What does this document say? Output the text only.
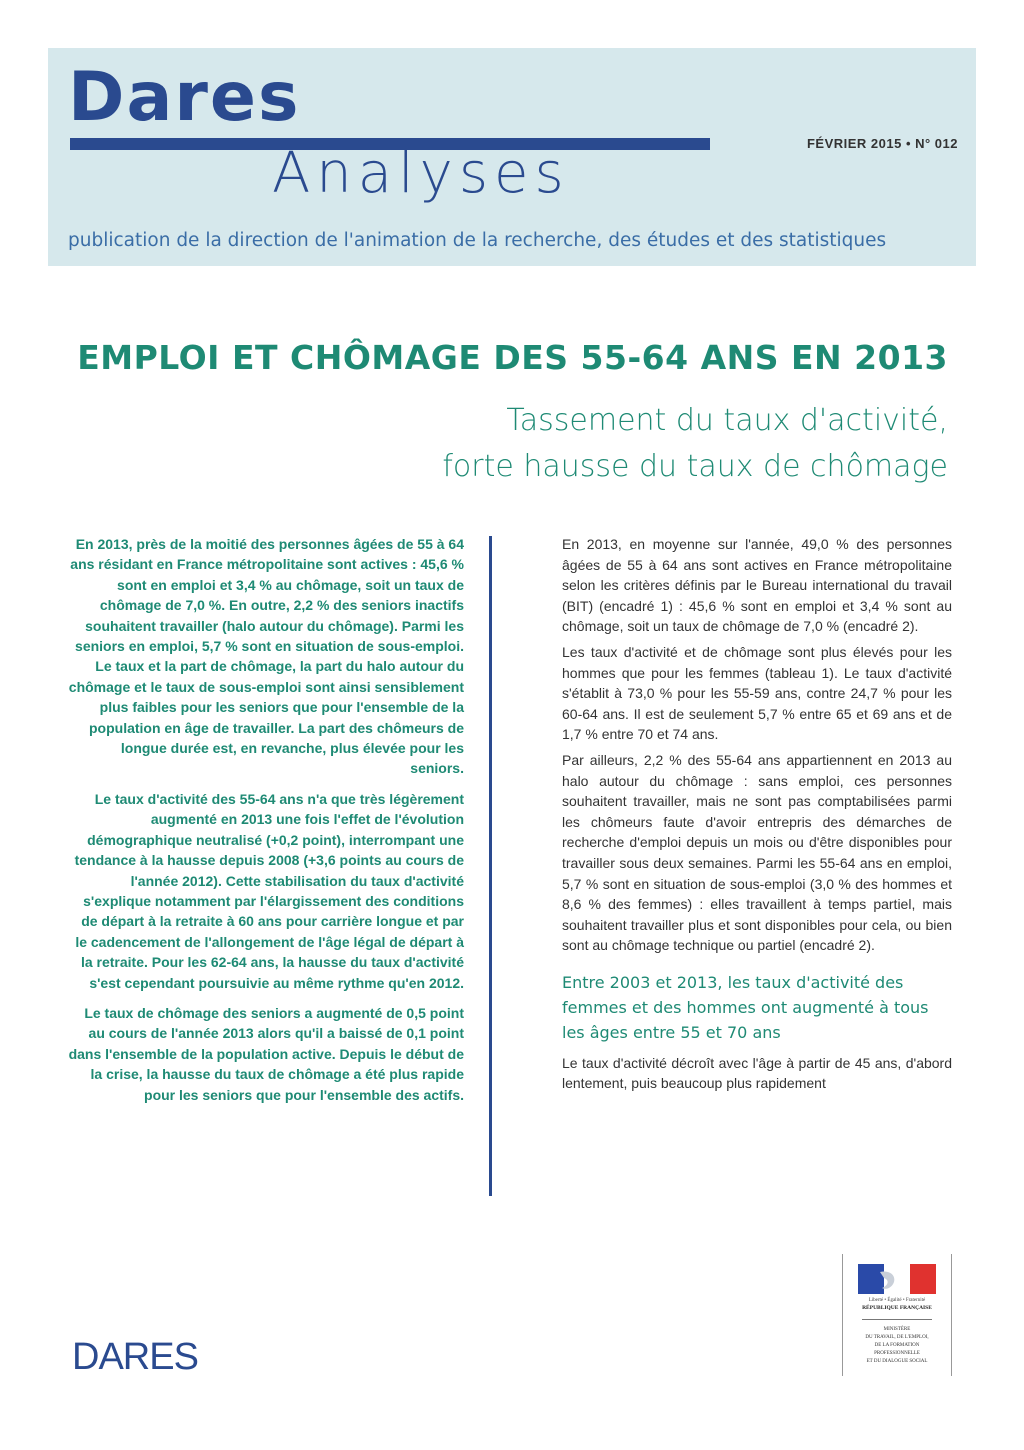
Dares
Analyses	FÉVRIER 2015 • N° 012
publication de la direction de l'animation de la recherche, des études et des statistiques
EMPLOI ET CHÔMAGE DES 55-64 ANS EN 2013
Tassement du taux d'activité,
forte hausse du taux de chômage

En 2013, près de la moitié des personnes âgées de 55 à 64 ans résidant en France métropolitaine sont actives : 45,6 % sont en emploi et 3,4 % au chômage, soit un taux de chômage de 7,0 %. En outre, 2,2 % des seniors inactifs souhaitent travailler (halo autour du chômage). Parmi les seniors en emploi, 5,7 % sont en situation de sous-emploi. Le taux et la part de chômage, la part du halo autour du chômage et le taux de sous-emploi sont ainsi sensiblement plus faibles pour les seniors que pour l'ensemble de la population en âge de travailler. La part des chômeurs de longue durée est, en revanche, plus élevée pour les seniors.

Le taux d'activité des 55-64 ans n'a que très légèrement augmenté en 2013 une fois l'effet de l'évolution démographique neutralisé (+0,2 point), interrompant une tendance à la hausse depuis 2008 (+3,6 points au cours de l'année 2012). Cette stabilisation du taux d'activité s'explique notamment par l'élargissement des conditions de départ à la retraite à 60 ans pour carrière longue et par le cadencement de l'allongement de l'âge légal de départ à la retraite. Pour les 62-64 ans, la hausse du taux d'activité s'est cependant poursuivie au même rythme qu'en 2012.

Le taux de chômage des seniors a augmenté de 0,5 point au cours de l'année 2013 alors qu'il a baissé de 0,1 point dans l'ensemble de la population active. Depuis le début de la crise, la hausse du taux de chômage a été plus rapide pour les seniors que pour l'ensemble des actifs.

En 2013, en moyenne sur l'année, 49,0 % des personnes âgées de 55 à 64 ans sont actives en France métropolitaine selon les critères définis par le Bureau international du travail (BIT) (encadré 1) : 45,6 % sont en emploi et 3,4 % sont au chômage, soit un taux de chômage de 7,0 % (encadré 2).

Les taux d'activité et de chômage sont plus élevés pour les hommes que pour les femmes (tableau 1). Le taux d'activité s'établit à 73,0 % pour les 55-59 ans, contre 24,7 % pour les 60-64 ans. Il est de seulement 5,7 % entre 65 et 69 ans et de 1,7 % entre 70 et 74 ans.

Par ailleurs, 2,2 % des 55-64 ans appartiennent en 2013 au halo autour du chômage : sans emploi, ces personnes souhaitent travailler, mais ne sont pas comptabilisées parmi les chômeurs faute d'avoir entrepris des démarches de recherche d'emploi depuis un mois ou d'être disponibles pour travailler sous deux semaines. Parmi les 55-64 ans en emploi, 5,7 % sont en situation de sous-emploi (3,0 % des hommes et 8,6 % des femmes) : elles travaillent à temps partiel, mais souhaitent travailler plus et sont disponibles pour cela, ou bien sont au chômage technique ou partiel (encadré 2).

Entre 2003 et 2013, les taux d'activité des femmes et des hommes ont augmenté à tous les âges entre 55 et 70 ans

Le taux d'activité décroît avec l'âge à partir de 45 ans, d'abord lentement, puis beaucoup plus rapidement

DARES
Liberté • Égalité • Fraternité
RÉPUBLIQUE FRANÇAISE
MINISTÈRE
DU TRAVAIL, DE L'EMPLOI,
DE LA FORMATION
PROFESSIONNELLE
ET DU DIALOGUE SOCIAL
